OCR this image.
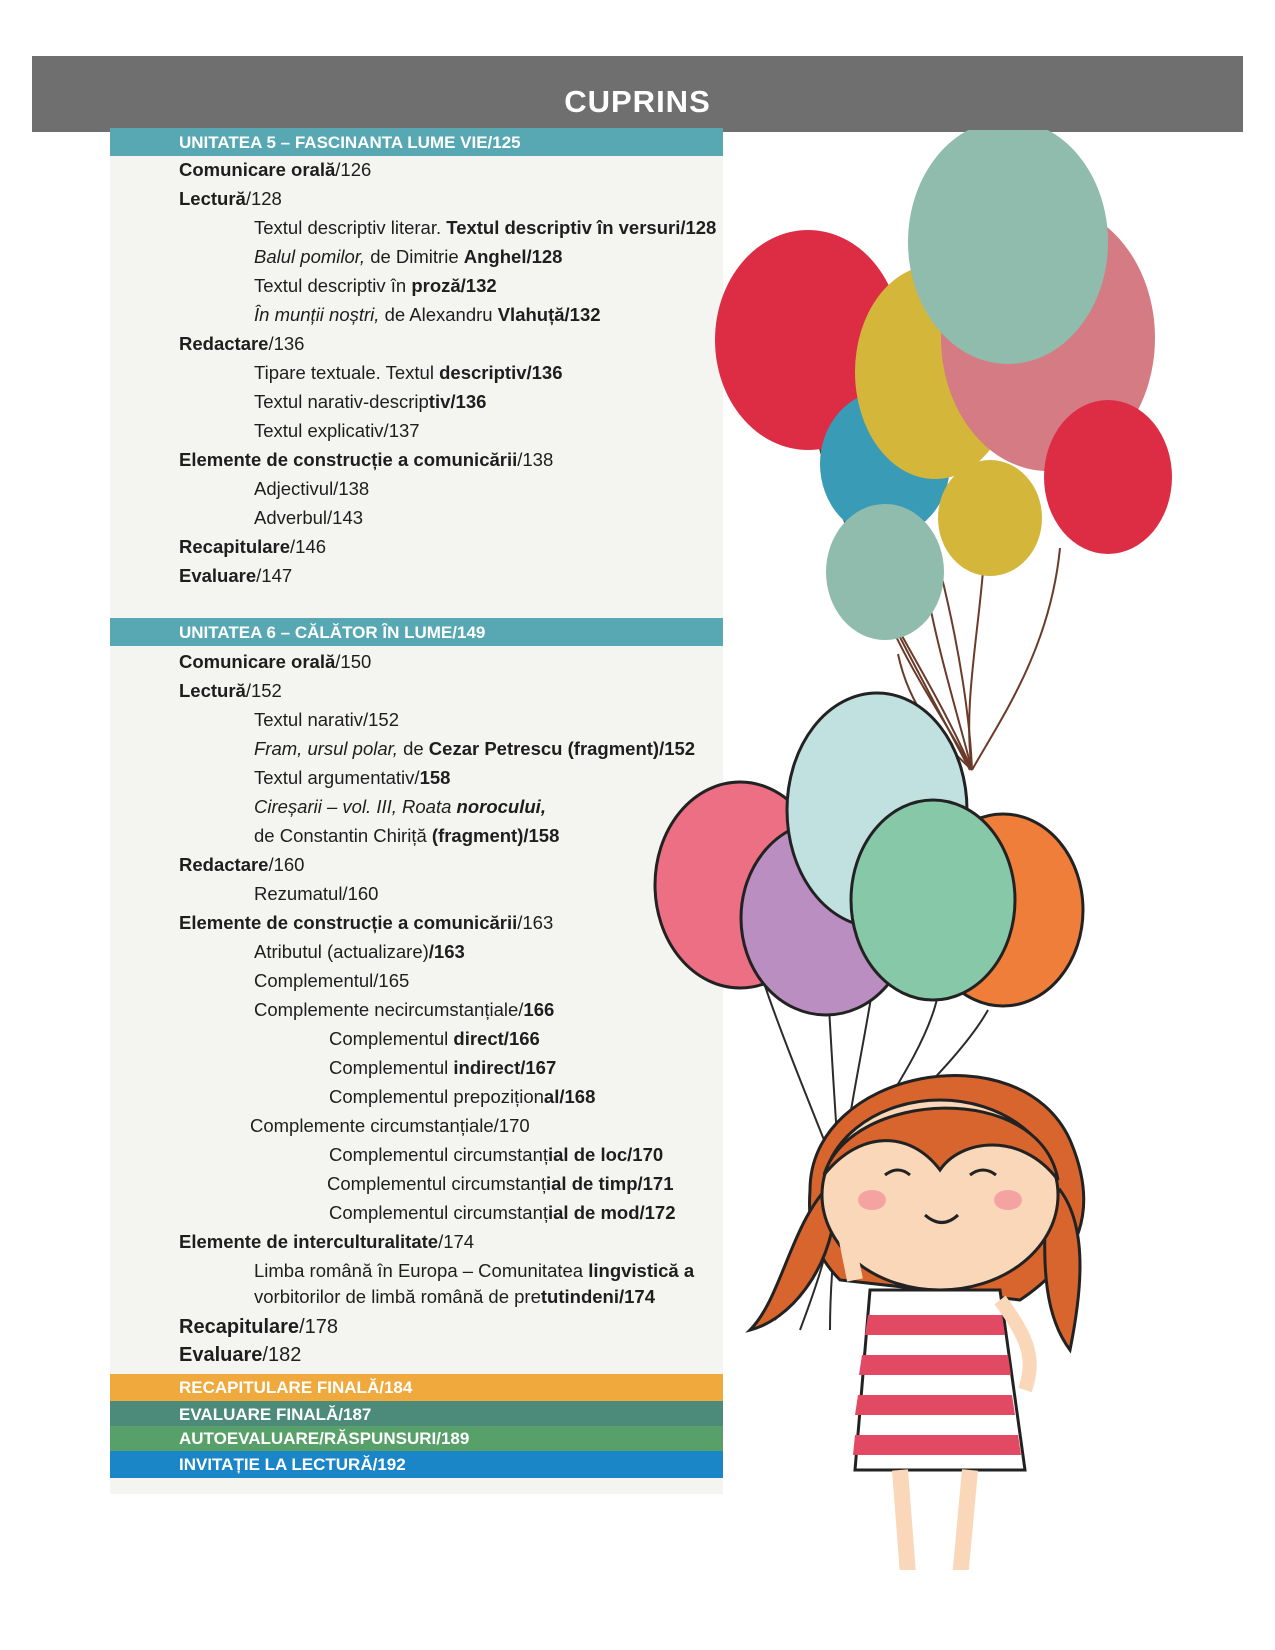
CUPRINS
UNITATEA 5 – FASCINANTA LUME VIE/125
Comunicare orală/126
Lectură/128
Textul descriptiv literar. Textul descriptiv în versuri/128
Balul pomilor, de Dimitrie Anghel/128
Textul descriptiv în proză/132
În munții noștri, de Alexandru Vlahuță/132
Redactare/136
Tipare textuale. Textul descriptiv/136
Textul narativ-descriptiv/136
Textul explicativ/137
Elemente de construcție a comunicării/138
Adjectivul/138
Adverbul/143
Recapitulare/146
Evaluare/147
UNITATEA 6 – CĂLĂTOR ÎN LUME/149
Comunicare orală/150
Lectură/152
Textul narativ/152
Fram, ursul polar, de Cezar Petrescu (fragment)/152
Textul argumentativ/158
Cireșarii – vol. III, Roata norocului,
de Constantin Chiriță (fragment)/158
Redactare/160
Rezumatul/160
Elemente de construcție a comunicării/163
Atributul (actualizare)/163
Complementul/165
Complemente necircumstanțiale/166
Complementul direct/166
Complementul indirect/167
Complementul prepozițional/168
Complemente circumstanțiale/170
Complementul circumstanțial de loc/170
Complementul circumstanțial de timp/171
Complementul circumstanțial de mod/172
Elemente de interculturalitate/174
Limba română în Europa – Comunitatea lingvistică a
vorbitorilor de limbă română de pretutindeni/174
Recapitulare/178
Evaluare/182
RECAPITULARE FINALĂ/184
EVALUARE FINALĂ/187
AUTOEVALUARE/RĂSPUNSURI/189
INVITAȚIE LA LECTURĂ/192
